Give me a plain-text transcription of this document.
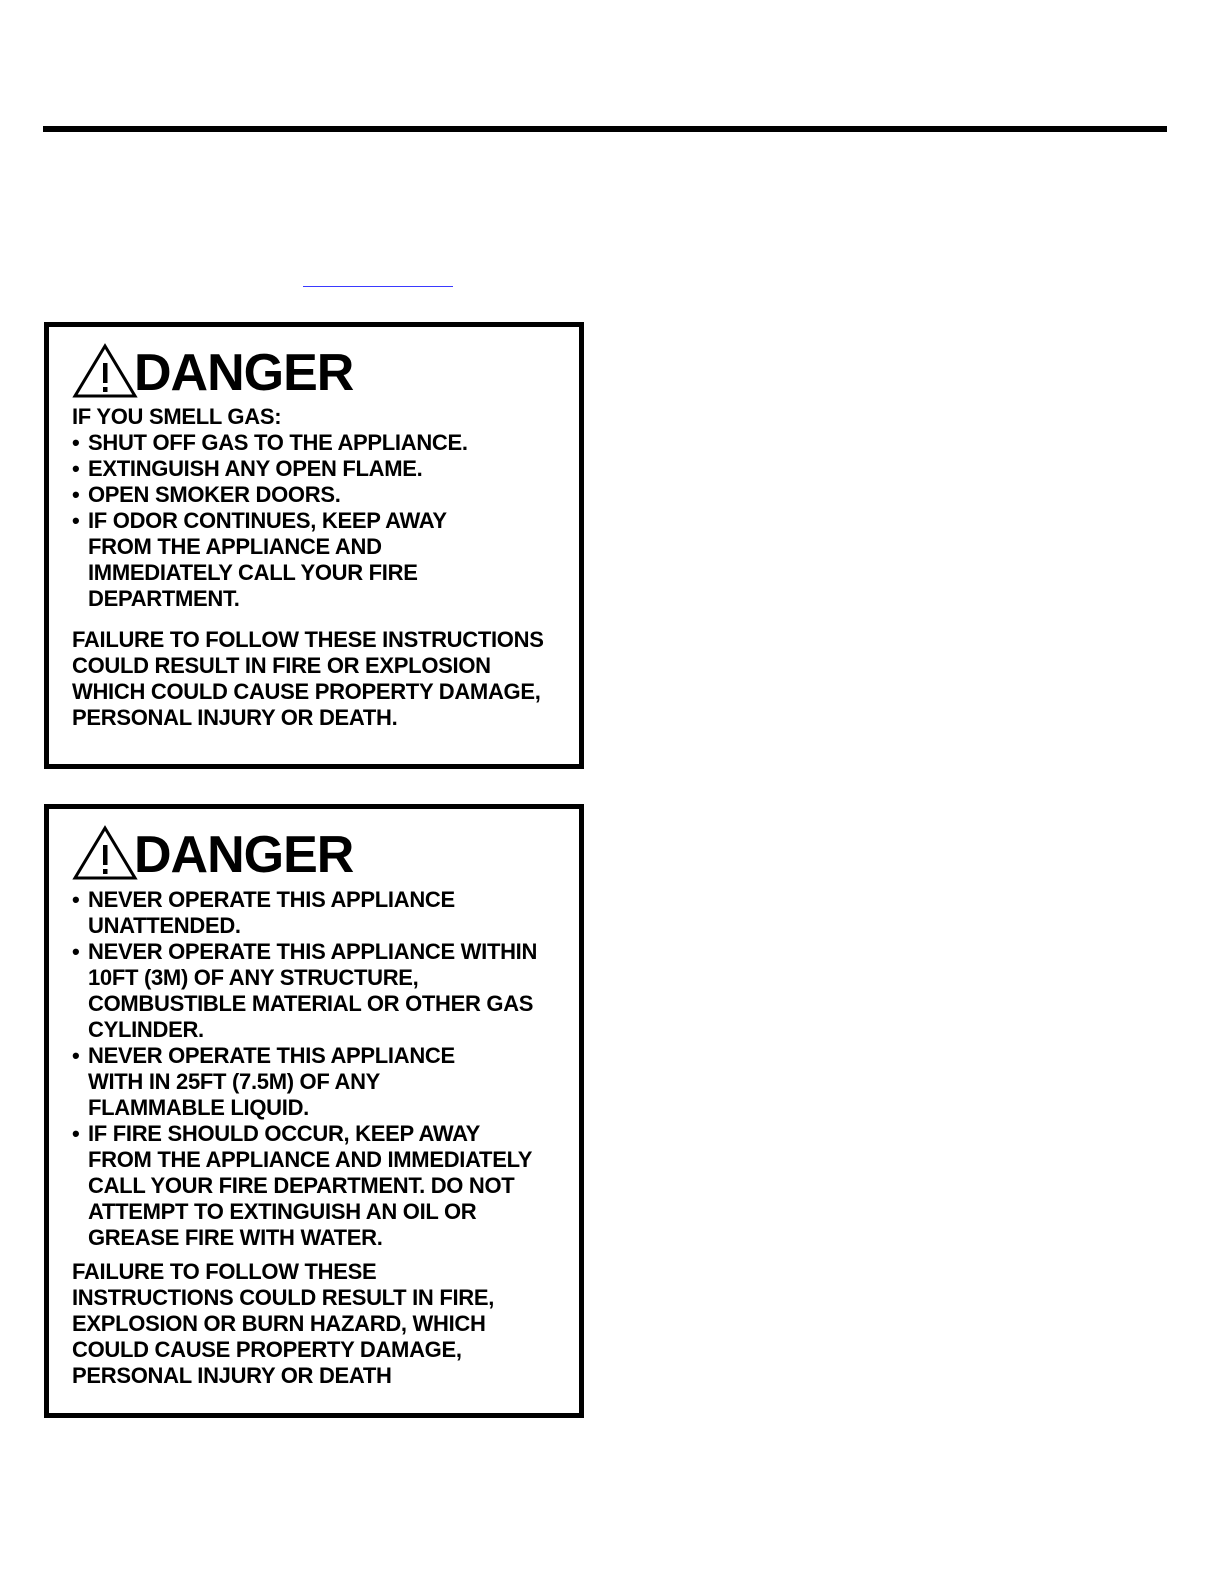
DANGER
IF YOU SMELL GAS:
• SHUT OFF GAS TO THE APPLIANCE.
• EXTINGUISH ANY OPEN FLAME.
• OPEN SMOKER DOORS.
• IF ODOR CONTINUES, KEEP AWAY FROM THE APPLIANCE AND IMMEDIATELY CALL YOUR FIRE DEPARTMENT.
FAILURE TO FOLLOW THESE INSTRUCTIONS COULD RESULT IN FIRE OR EXPLOSION WHICH COULD CAUSE PROPERTY DAMAGE, PERSONAL INJURY OR DEATH.
DANGER
• NEVER OPERATE THIS APPLIANCE UNATTENDED.
• NEVER OPERATE THIS APPLIANCE WITHIN 10FT (3M) OF ANY STRUCTURE, COMBUSTIBLE MATERIAL OR OTHER GAS CYLINDER.
• NEVER OPERATE THIS APPLIANCE WITH IN 25FT (7.5M) OF ANY FLAMMABLE LIQUID.
• IF FIRE SHOULD OCCUR, KEEP AWAY FROM THE APPLIANCE AND IMMEDIATELY CALL YOUR FIRE DEPARTMENT. DO NOT ATTEMPT TO EXTINGUISH AN OIL OR GREASE FIRE WITH WATER.
FAILURE TO FOLLOW THESE INSTRUCTIONS COULD RESULT IN FIRE, EXPLOSION OR BURN HAZARD, WHICH COULD CAUSE PROPERTY DAMAGE, PERSONAL INJURY OR DEATH
